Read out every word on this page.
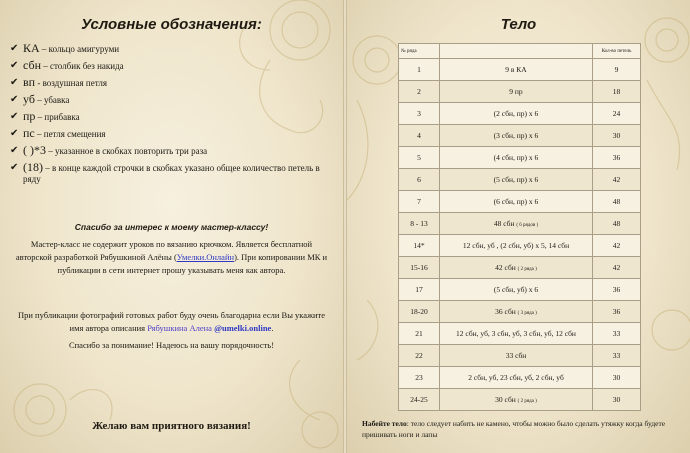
Условные обозначения:
✔ КА – кольцо амигуруми
✔ сбн – столбик без накида
✔ вп - воздушная петля
✔ уб – убавка
✔ пр – прибавка
✔ пс – петля смещения
✔ ( )*3 – указанное в скобках повторить три раза
✔ (18) – в конце каждой строчки в скобках указано общее количество петель в ряду
Спасибо за интерес к моему мастер-классу!

Мастер-класс не содержит уроков по вязанию крючком. Является бесплатной авторской разработкой Рябушкиной Алёны (Умелки.Онлайн). При копировании МК и публикации в сети интернет прошу указывать меня как автора.

При публикации фотографий готовых работ буду очень благодарна если Вы укажите имя автора описания Рябушкина Алена @umelki.online.

Спасибо за понимание! Надеюсь на вашу порядочность!

Желаю вам приятного вязания!
Тело
№ ряда		Кол-во петель
1	9 в КА	9
2	9 пр	18
3	(2 сбн, пр) х 6	24
4	(3 сбн, пр) х 6	30
5	(4 сбн, пр) х 6	36
6	(5 сбн, пр) х 6	42
7	(6 сбн, пр) х 6	48
8 - 13	48 сбн ( 6 рядов )	48
14*	12 сбн, уб , (2 сбн, уб) х 5, 14 сбн	42
15-16	42 сбн ( 2 ряда )	42
17	(5 сбн, уб) х 6	36
18-20	36 сбн ( 3 ряда )	36
21	12 сбн, уб, 3 сбн, уб, 3 сбн, уб, 12 сбн	33
22	33 сбн	33
23	2 сбн, уб, 23 сбн, уб, 2 сбн, уб	30
24-25	30 сбн ( 2 ряда )	30
Набейте тело: тело следует набить не камено, чтобы можно было сделать утяжку когда будете пришивать ноги и лапы
